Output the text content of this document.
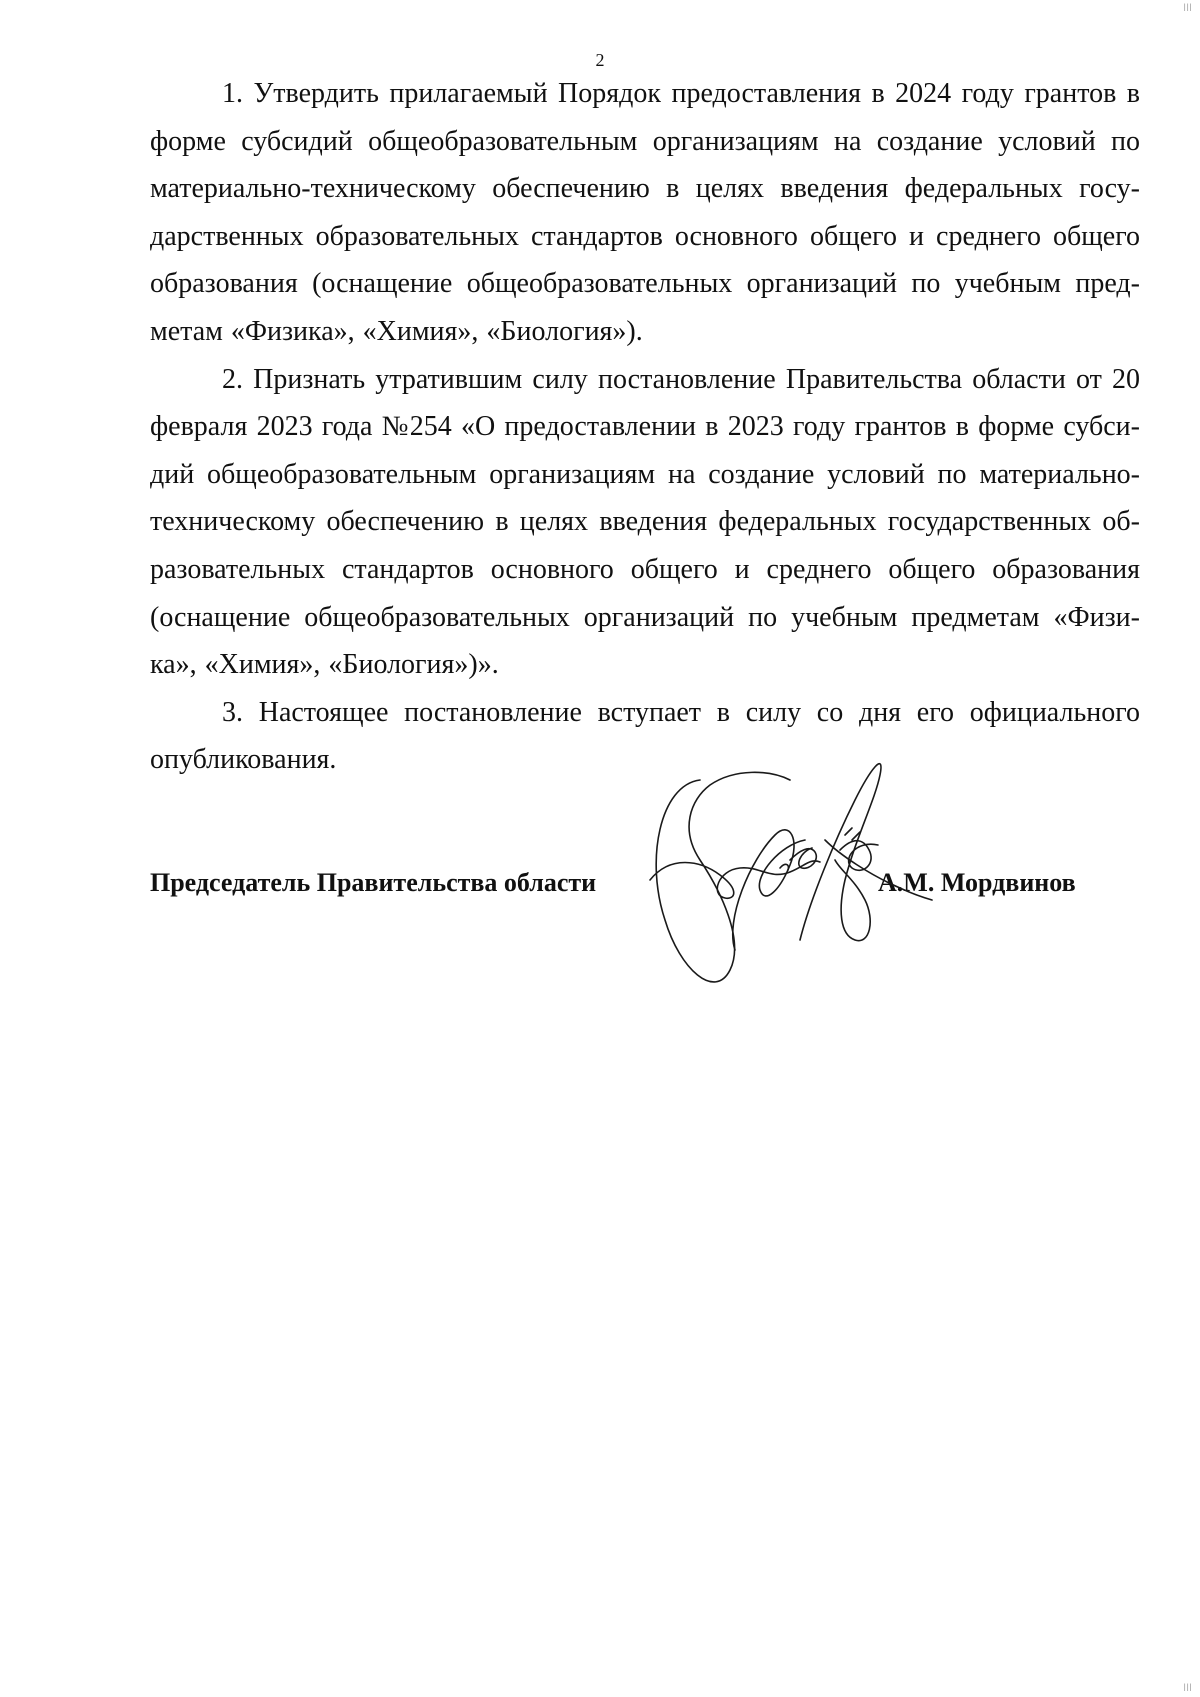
2

1. Утвердить прилагаемый Порядок предоставления в 2024 году грантов в форме субсидий общеобразовательным организациям на создание условий по материально-техническому обеспечению в целях введения федеральных государственных образовательных стандартов основного общего и среднего общего образования (оснащение общеобразовательных организаций по учебным предметам «Физика», «Химия», «Биология»).

2. Признать утратившим силу постановление Правительства области от 20 февраля 2023 года №254 «О предоставлении в 2023 году грантов в форме субсидий общеобразовательным организациям на создание условий по материально-техническому обеспечению в целях введения федеральных государственных образовательных стандартов основного общего и среднего общего образования (оснащение общеобразовательных организаций по учебным предметам «Физика», «Химия», «Биология»)».

3. Настоящее постановление вступает в силу со дня его официального опубликования.

Председатель Правительства области	А.М. Мордвинов
׀׀׀
׀׀׀
